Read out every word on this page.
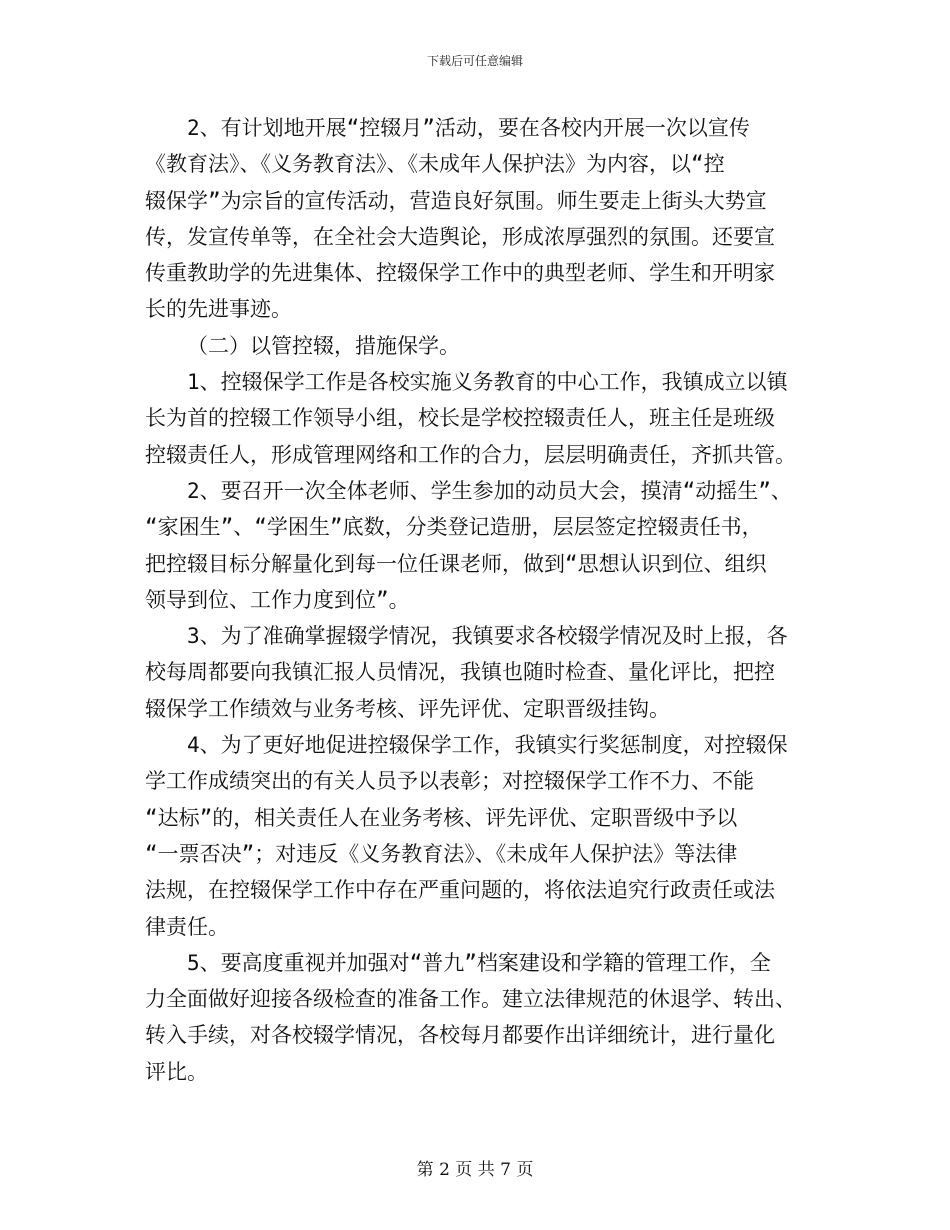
下载后可任意编辑
2、有计划地开展“控辍月”活动，要在各校内开展一次以宣传
《教育法》、《义务教育法》、《未成年人保护法》为内容，以“控
辍保学”为宗旨的宣传活动，营造良好氛围。师生要走上街头大势宣
传，发宣传单等，在全社会大造舆论，形成浓厚强烈的氛围。还要宣
传重教助学的先进集体、控辍保学工作中的典型老师、学生和开明家
长的先进事迹。
（二）以管控辍，措施保学。
1、控辍保学工作是各校实施义务教育的中心工作，我镇成立以镇
长为首的控辍工作领导小组，校长是学校控辍责任人，班主任是班级
控辍责任人，形成管理网络和工作的合力，层层明确责任，齐抓共管。
2、要召开一次全体老师、学生参加的动员大会，摸清“动摇生”、
“家困生”、“学困生”底数，分类登记造册，层层签定控辍责任书，
把控辍目标分解量化到每一位任课老师，做到“思想认识到位、组织
领导到位、工作力度到位”。
3、为了准确掌握辍学情况，我镇要求各校辍学情况及时上报，各
校每周都要向我镇汇报人员情况，我镇也随时检查、量化评比，把控
辍保学工作绩效与业务考核、评先评优、定职晋级挂钩。
4、为了更好地促进控辍保学工作，我镇实行奖惩制度，对控辍保
学工作成绩突出的有关人员予以表彰；对控辍保学工作不力、不能
“达标”的，相关责任人在业务考核、评先评优、定职晋级中予以
“一票否决”；对违反《义务教育法》、《未成年人保护法》等法律
法规，在控辍保学工作中存在严重问题的，将依法追究行政责任或法
律责任。
5、要高度重视并加强对“普九”档案建设和学籍的管理工作，全
力全面做好迎接各级检查的准备工作。建立法律规范的休退学、转出、
转入手续，对各校辍学情况，各校每月都要作出详细统计，进行量化
评比。
第 2 页 共 7 页
